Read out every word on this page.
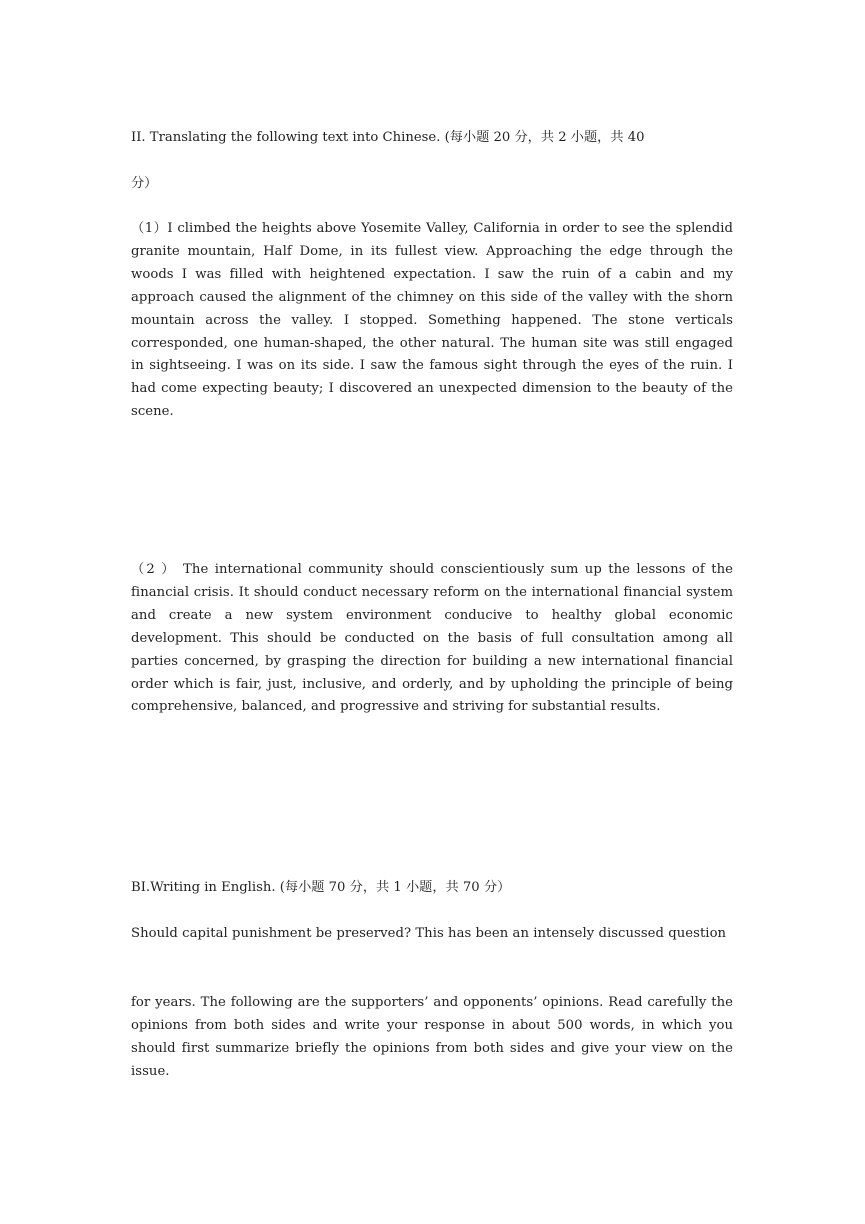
II. Translating the following text into Chinese. (每小题 20 分，共 2 小题，共 40

分）

（1）I climbed the heights above Yosemite Valley, California in order to see the splendid granite mountain, Half Dome, in its fullest view. Approaching the edge through the woods I was filled with heightened expectation. I saw the ruin of a cabin and my approach caused the alignment of the chimney on this side of the valley with the shorn mountain across the valley. I stopped. Something happened. The stone verticals corresponded, one human-shaped, the other natural. The human site was still engaged in sightseeing. I was on its side. I saw the famous sight through the eyes of the ruin. I had come expecting beauty; I discovered an unexpected dimension to the beauty of the scene.

（2 ） The international community should conscientiously sum up the lessons of the financial crisis. It should conduct necessary reform on the international financial system and create a new system environment conducive to healthy global economic development. This should be conducted on the basis of full consultation among all parties concerned, by grasping the direction for building a new international financial order which is fair, just, inclusive, and orderly, and by upholding the principle of being comprehensive, balanced, and progressive and striving for substantial results.

BI.Writing in English. (每小题 70 分，共 1 小题，共 70 分）

Should capital punishment be preserved? This has been an intensely discussed question

for years. The following are the supporters’ and opponents’ opinions. Read carefully the opinions from both sides and write your response in about 500 words, in which you should first summarize briefly the opinions from both sides and give your view on the issue.
